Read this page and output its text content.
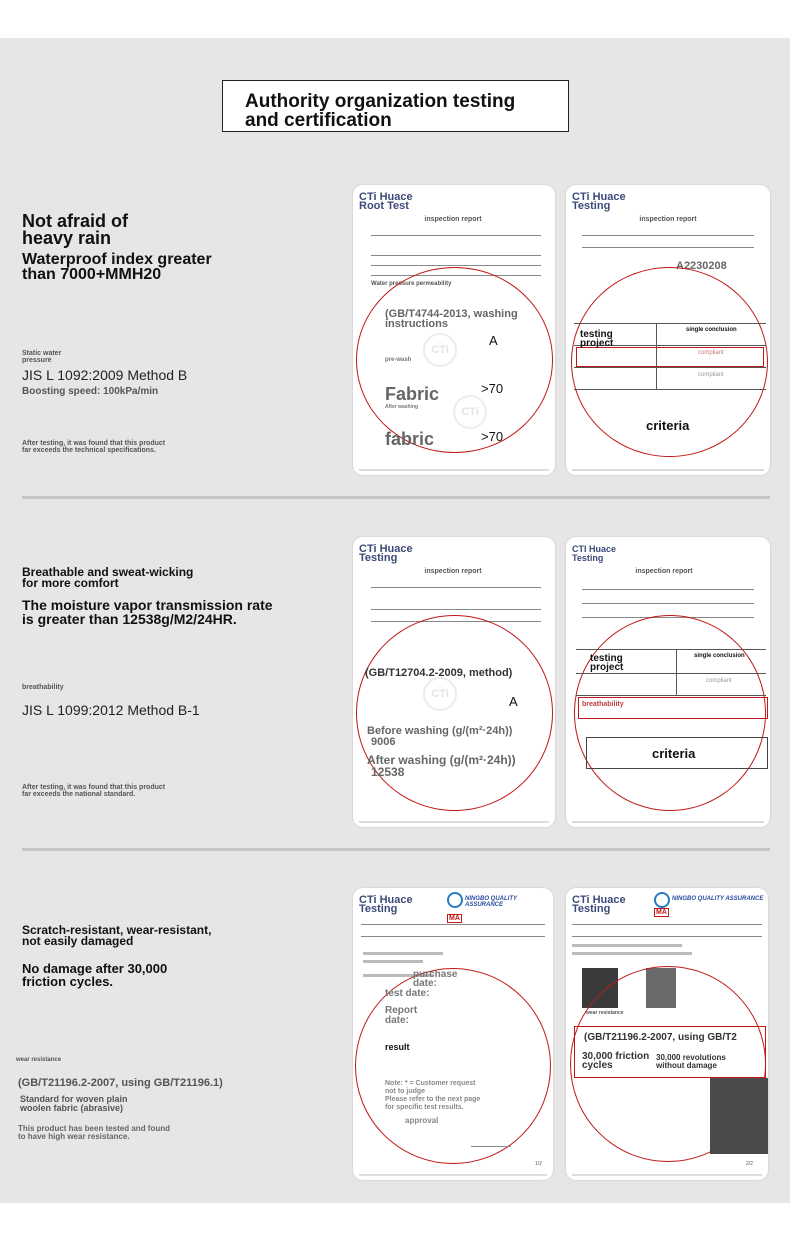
Authority organization testing
and certification
Not afraid of
heavy rain
Waterproof index greater
than 7000+MMH20
Static water
pressure
JIS L 1092:2009 Method B
Boosting speed: 100kPa/min
After testing, it was found that this product
far exceeds the technical specifications.
CTi Huace
Root Test
inspection report
Water pressure permeability
CTi
CTi
(GB/T4744-2013, washing
instructions
A
pre-wash
Fabric	>70
After washing
fabric	>70
CTi Huace
Testing
inspection report
A2230208
testing
project
single conclusion
compliant
compliant
criteria
Breathable and sweat-wicking
for more comfort
The moisture vapor transmission rate
is greater than 12538g/M2/24HR.
breathability
JIS L 1099:2012 Method B-1
After testing, it was found that this product
far exceeds the national standard.
CTi Huace
Testing
inspection report
CTi
(GB/T12704.2-2009, method)
A
Before washing (g/(m²·24h))
9006
After washing (g/(m²·24h))
12538
CTI Huace
Testing
inspection report
testing
project
single conclusion
compliant
breathability
criteria
Scratch-resistant, wear-resistant,
not easily damaged
No damage after 30,000
friction cycles.
wear resistance
(GB/T21196.2-2007, using GB/T21196.1)
Standard for woven plain
woolen fabric (abrasive)
This product has been tested and found
to have high wear resistance.
CTi Huace
Testing
NINGBO QUALITY ASSURANCE
MA
purchase
date:
test date:
Report
date:
result
Note: * = Customer request
not to judge
Please refer to the next page
for specific test results.
approval
1/2
CTi Huace
Testing
NINGBO QUALITY ASSURANCE
MA
wear resistance
(GB/T21196.2-2007, using GB/T2
30,000 friction
cycles
30,000 revolutions
without damage
2/2
